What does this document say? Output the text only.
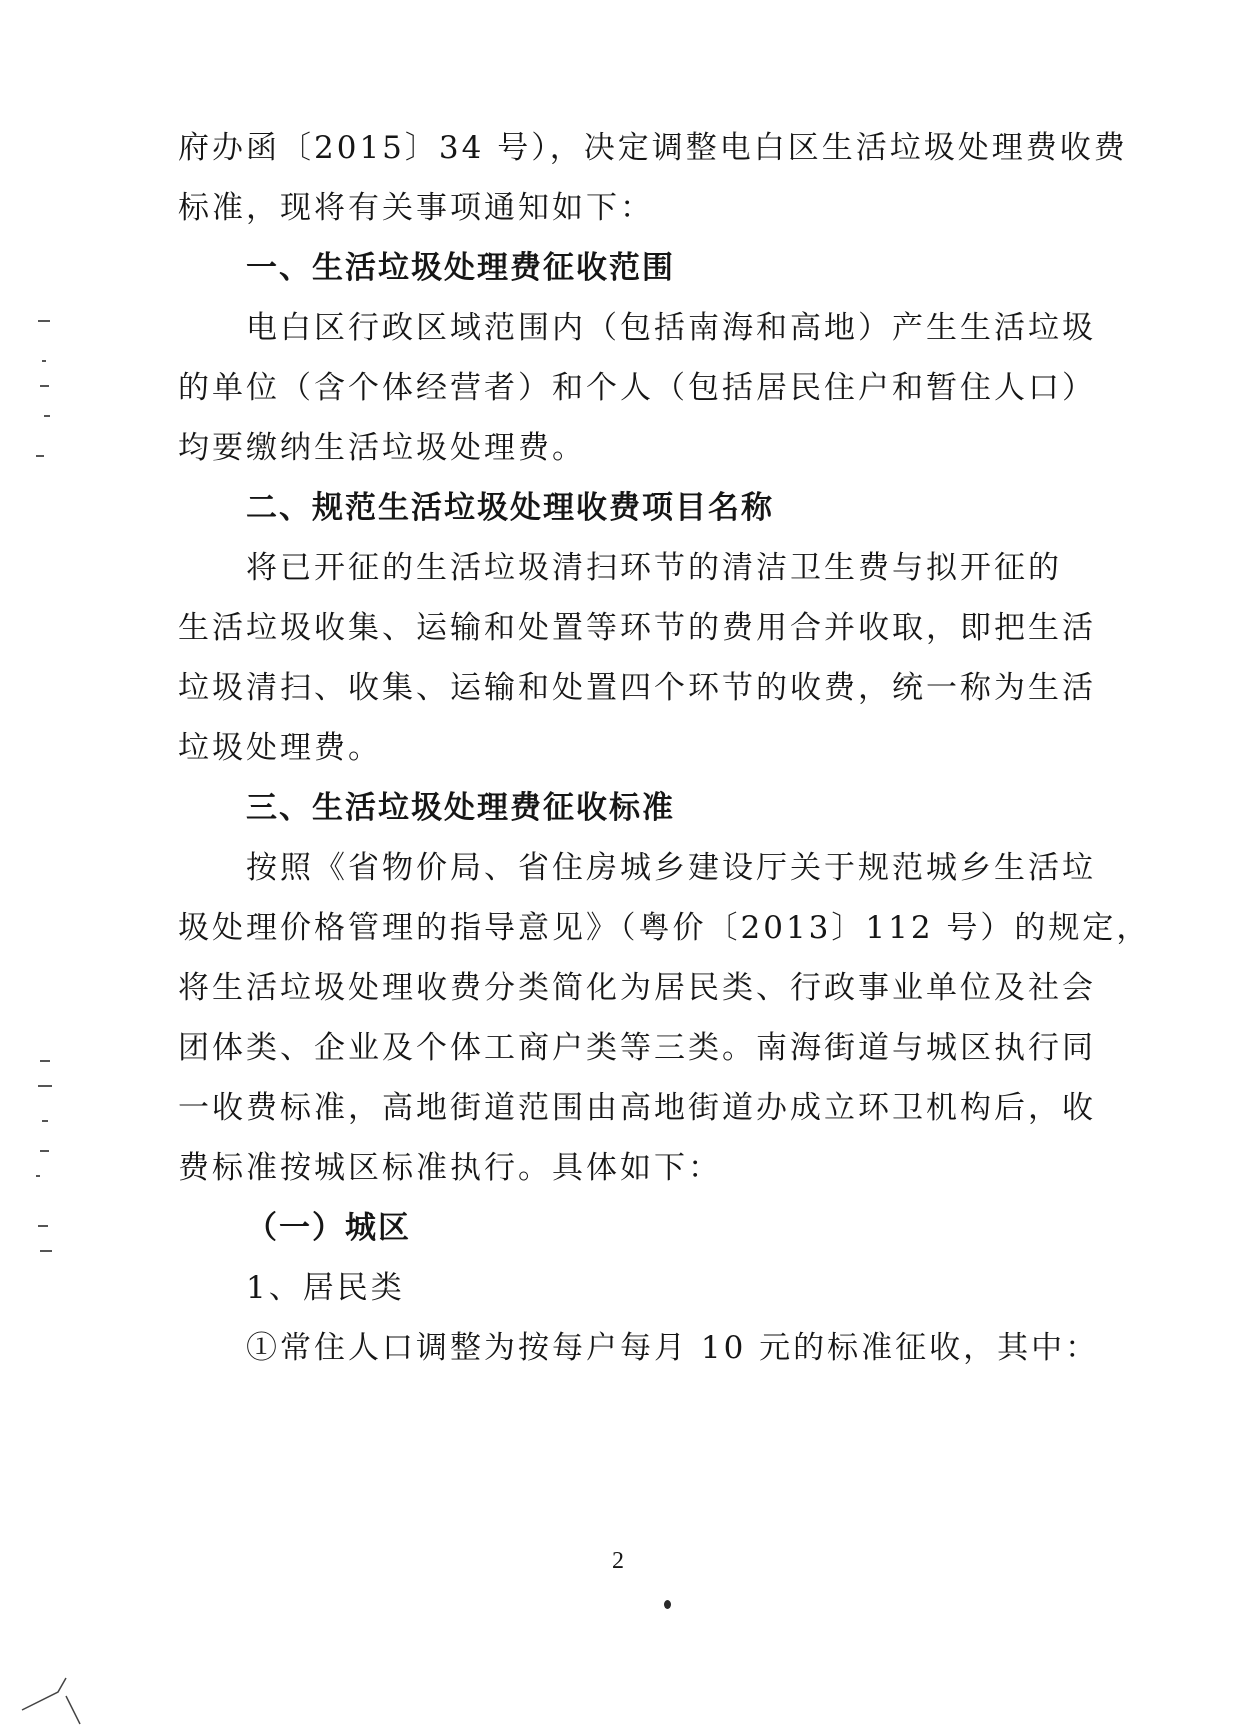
府办函〔2015〕34 号），决定调整电白区生活垃圾处理费收费
标准，现将有关事项通知如下：
一、生活垃圾处理费征收范围
电白区行政区域范围内（包括南海和高地）产生生活垃圾
的单位（含个体经营者）和个人（包括居民住户和暂住人口）
均要缴纳生活垃圾处理费。
二、规范生活垃圾处理收费项目名称
将已开征的生活垃圾清扫环节的清洁卫生费与拟开征的
生活垃圾收集、运输和处置等环节的费用合并收取，即把生活
垃圾清扫、收集、运输和处置四个环节的收费，统一称为生活
垃圾处理费。
三、生活垃圾处理费征收标准
按照《省物价局、省住房城乡建设厅关于规范城乡生活垃
圾处理价格管理的指导意见》（粤价〔2013〕112 号）的规定，
将生活垃圾处理收费分类简化为居民类、行政事业单位及社会
团体类、企业及个体工商户类等三类。南海街道与城区执行同
一收费标准，高地街道范围由高地街道办成立环卫机构后，收
费标准按城区标准执行。具体如下：
（一）城区
1、居民类
①常住人口调整为按每户每月 10 元的标准征收，其中：
2
